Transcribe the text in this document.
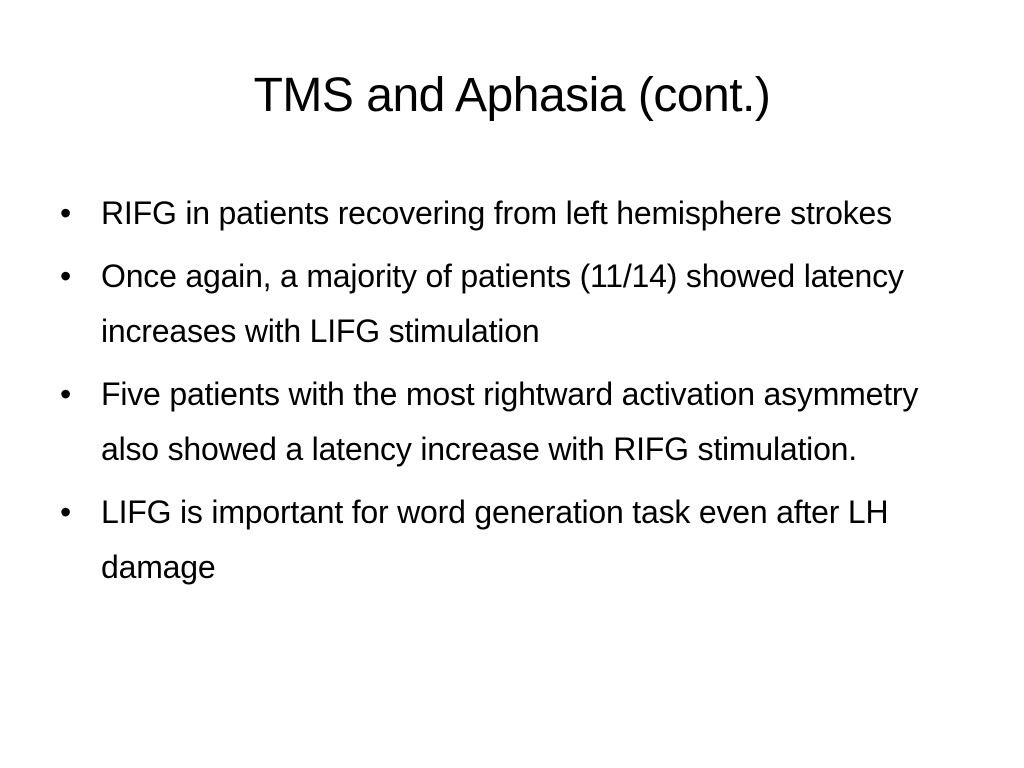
TMS and Aphasia (cont.)
• RIFG in patients recovering from left hemisphere strokes
• Once again, a majority of patients (11/14) showed latency increases with LIFG stimulation
• Five patients with the most rightward activation asymmetry also showed a latency increase with RIFG stimulation.
• LIFG is important for word generation task even after LH damage
